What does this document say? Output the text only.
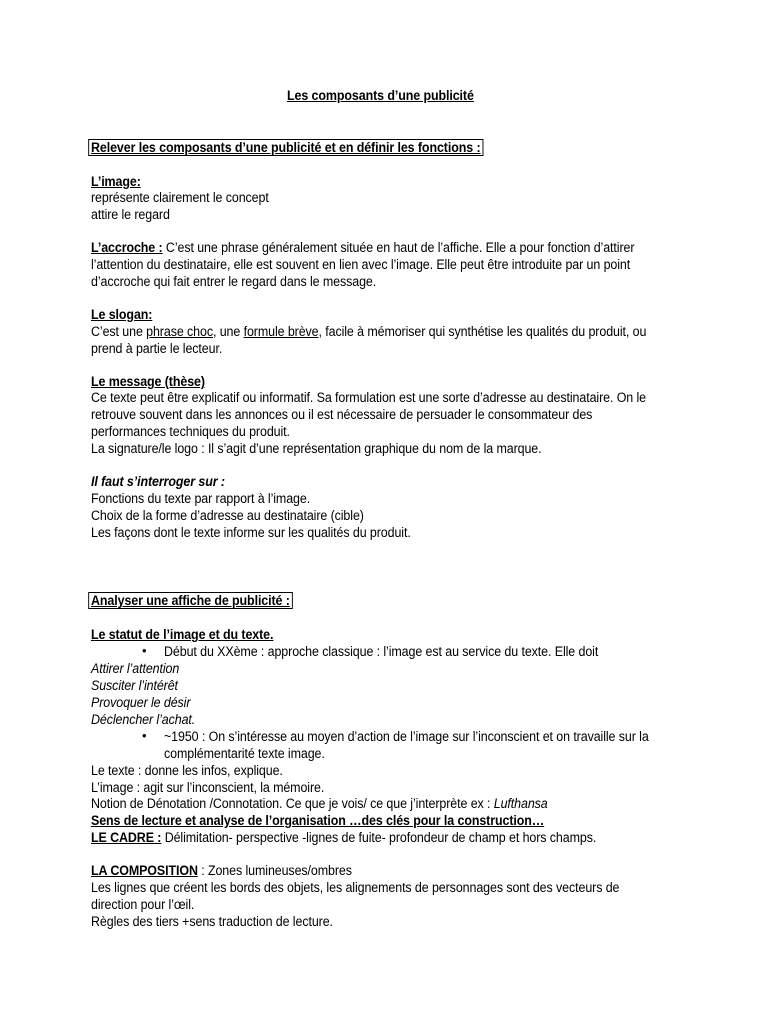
Les composants d’une publicité
Relever les composants d’une publicité et en définir les fonctions :
L’image:
représente clairement le concept
attire le regard
L’accroche : C’est une phrase généralement située en haut de l’affiche. Elle a pour fonction d’attirer
l’attention du destinataire, elle est souvent en lien avec l’image. Elle peut être introduite par un point
d’accroche qui fait entrer le regard dans le message.
Le slogan:
C’est une phrase choc, une formule brève, facile à mémoriser qui synthétise les qualités du produit, ou
prend à partie le lecteur.
Le message (thèse)
Ce texte peut être explicatif ou informatif. Sa formulation est une sorte d’adresse au destinataire. On le
retrouve souvent dans les annonces ou il est nécessaire de persuader le consommateur des
performances techniques du produit.
La signature/le logo : Il s’agit d’une représentation graphique du nom de la marque.
Il faut s’interroger sur :
Fonctions du texte par rapport à l’image.
Choix de la forme d’adresse au destinataire (cible)
Les façons dont le texte informe sur les qualités du produit.
Analyser une affiche de publicité :
Le statut de l’image et du texte.
• Début du XXème : approche classique : l’image est au service du texte. Elle doit
Attirer l’attention
Susciter l’intérêt
Provoquer le désir
Déclencher l’achat.
• ~1950 : On s’intéresse au moyen d’action de l’image sur l’inconscient et on travaille sur la
complémentarité texte image.
Le texte : donne les infos, explique.
L’image : agit sur l’inconscient, la mémoire.
Notion de Dénotation /Connotation. Ce que je vois/ ce que j’interprète ex : Lufthansa
Sens de lecture et analyse de l’organisation …des clés pour la construction…
LE CADRE : Délimitation- perspective -lignes de fuite- profondeur de champ et hors champs.
LA COMPOSITION : Zones lumineuses/ombres
Les lignes que créent les bords des objets, les alignements de personnages sont des vecteurs de
direction pour l’œil.
Règles des tiers +sens traduction de lecture.
